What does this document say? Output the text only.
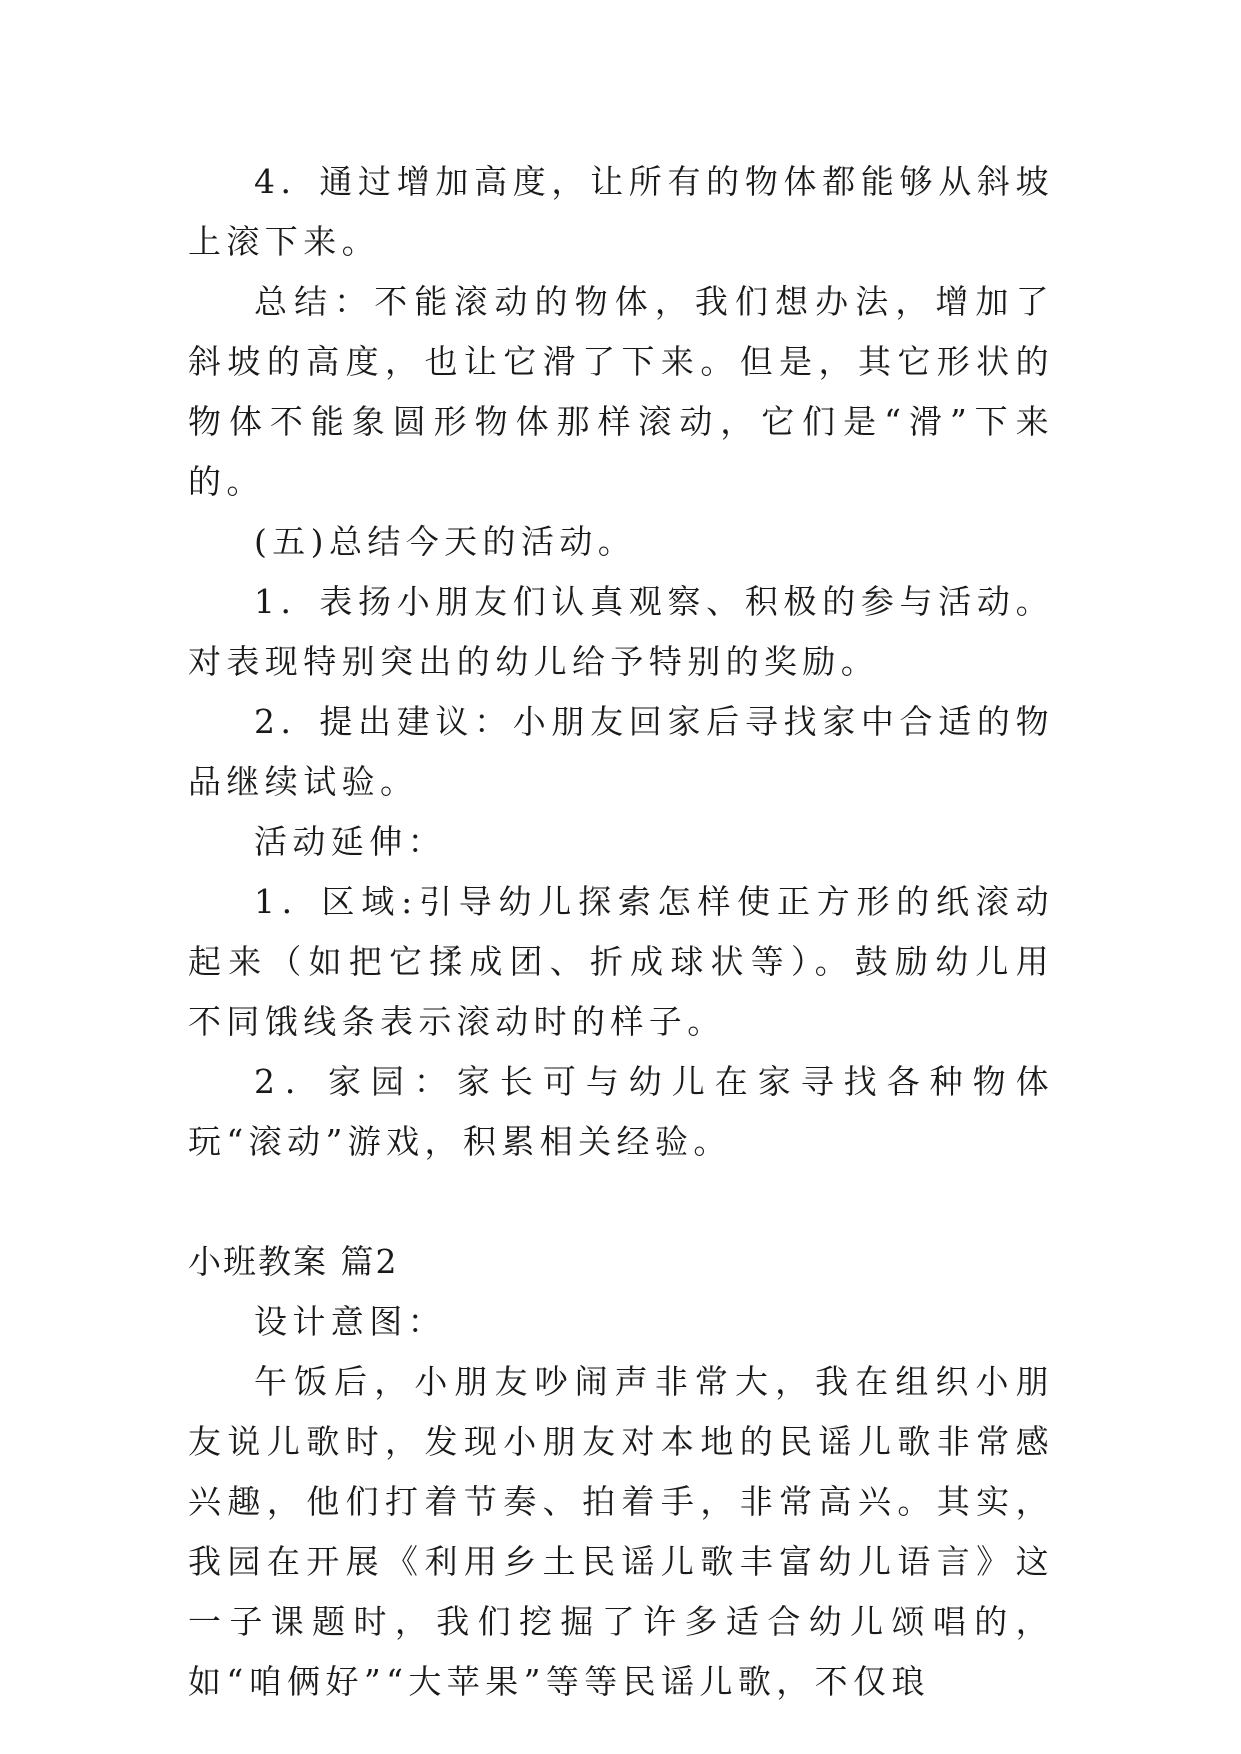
4．通过增加高度，让所有的物体都能够从斜坡上滚下来。

总结：不能滚动的物体，我们想办法，增加了斜坡的高度，也让它滑了下来。但是，其它形状的物体不能象圆形物体那样滚动，它们是“滑”下来的。

(五)总结今天的活动。

1．表扬小朋友们认真观察、积极的参与活动。对表现特别突出的幼儿给予特别的奖励。

2．提出建议：小朋友回家后寻找家中合适的物品继续试验。

活动延伸：

1．区域:引导幼儿探索怎样使正方形的纸滚动起来（如把它揉成团、折成球状等）。鼓励幼儿用不同饿线条表示滚动时的样子。

2．家园：家长可与幼儿在家寻找各种物体玩“滚动”游戏，积累相关经验。

小班教案 篇2

设计意图：

午饭后，小朋友吵闹声非常大，我在组织小朋友说儿歌时，发现小朋友对本地的民谣儿歌非常感兴趣，他们打着节奏、拍着手，非常高兴。其实，我园在开展《利用乡土民谣儿歌丰富幼儿语言》这一子课题时，我们挖掘了许多适合幼儿颂唱的，如“咱俩好”“大苹果”等等民谣儿歌，不仅琅
